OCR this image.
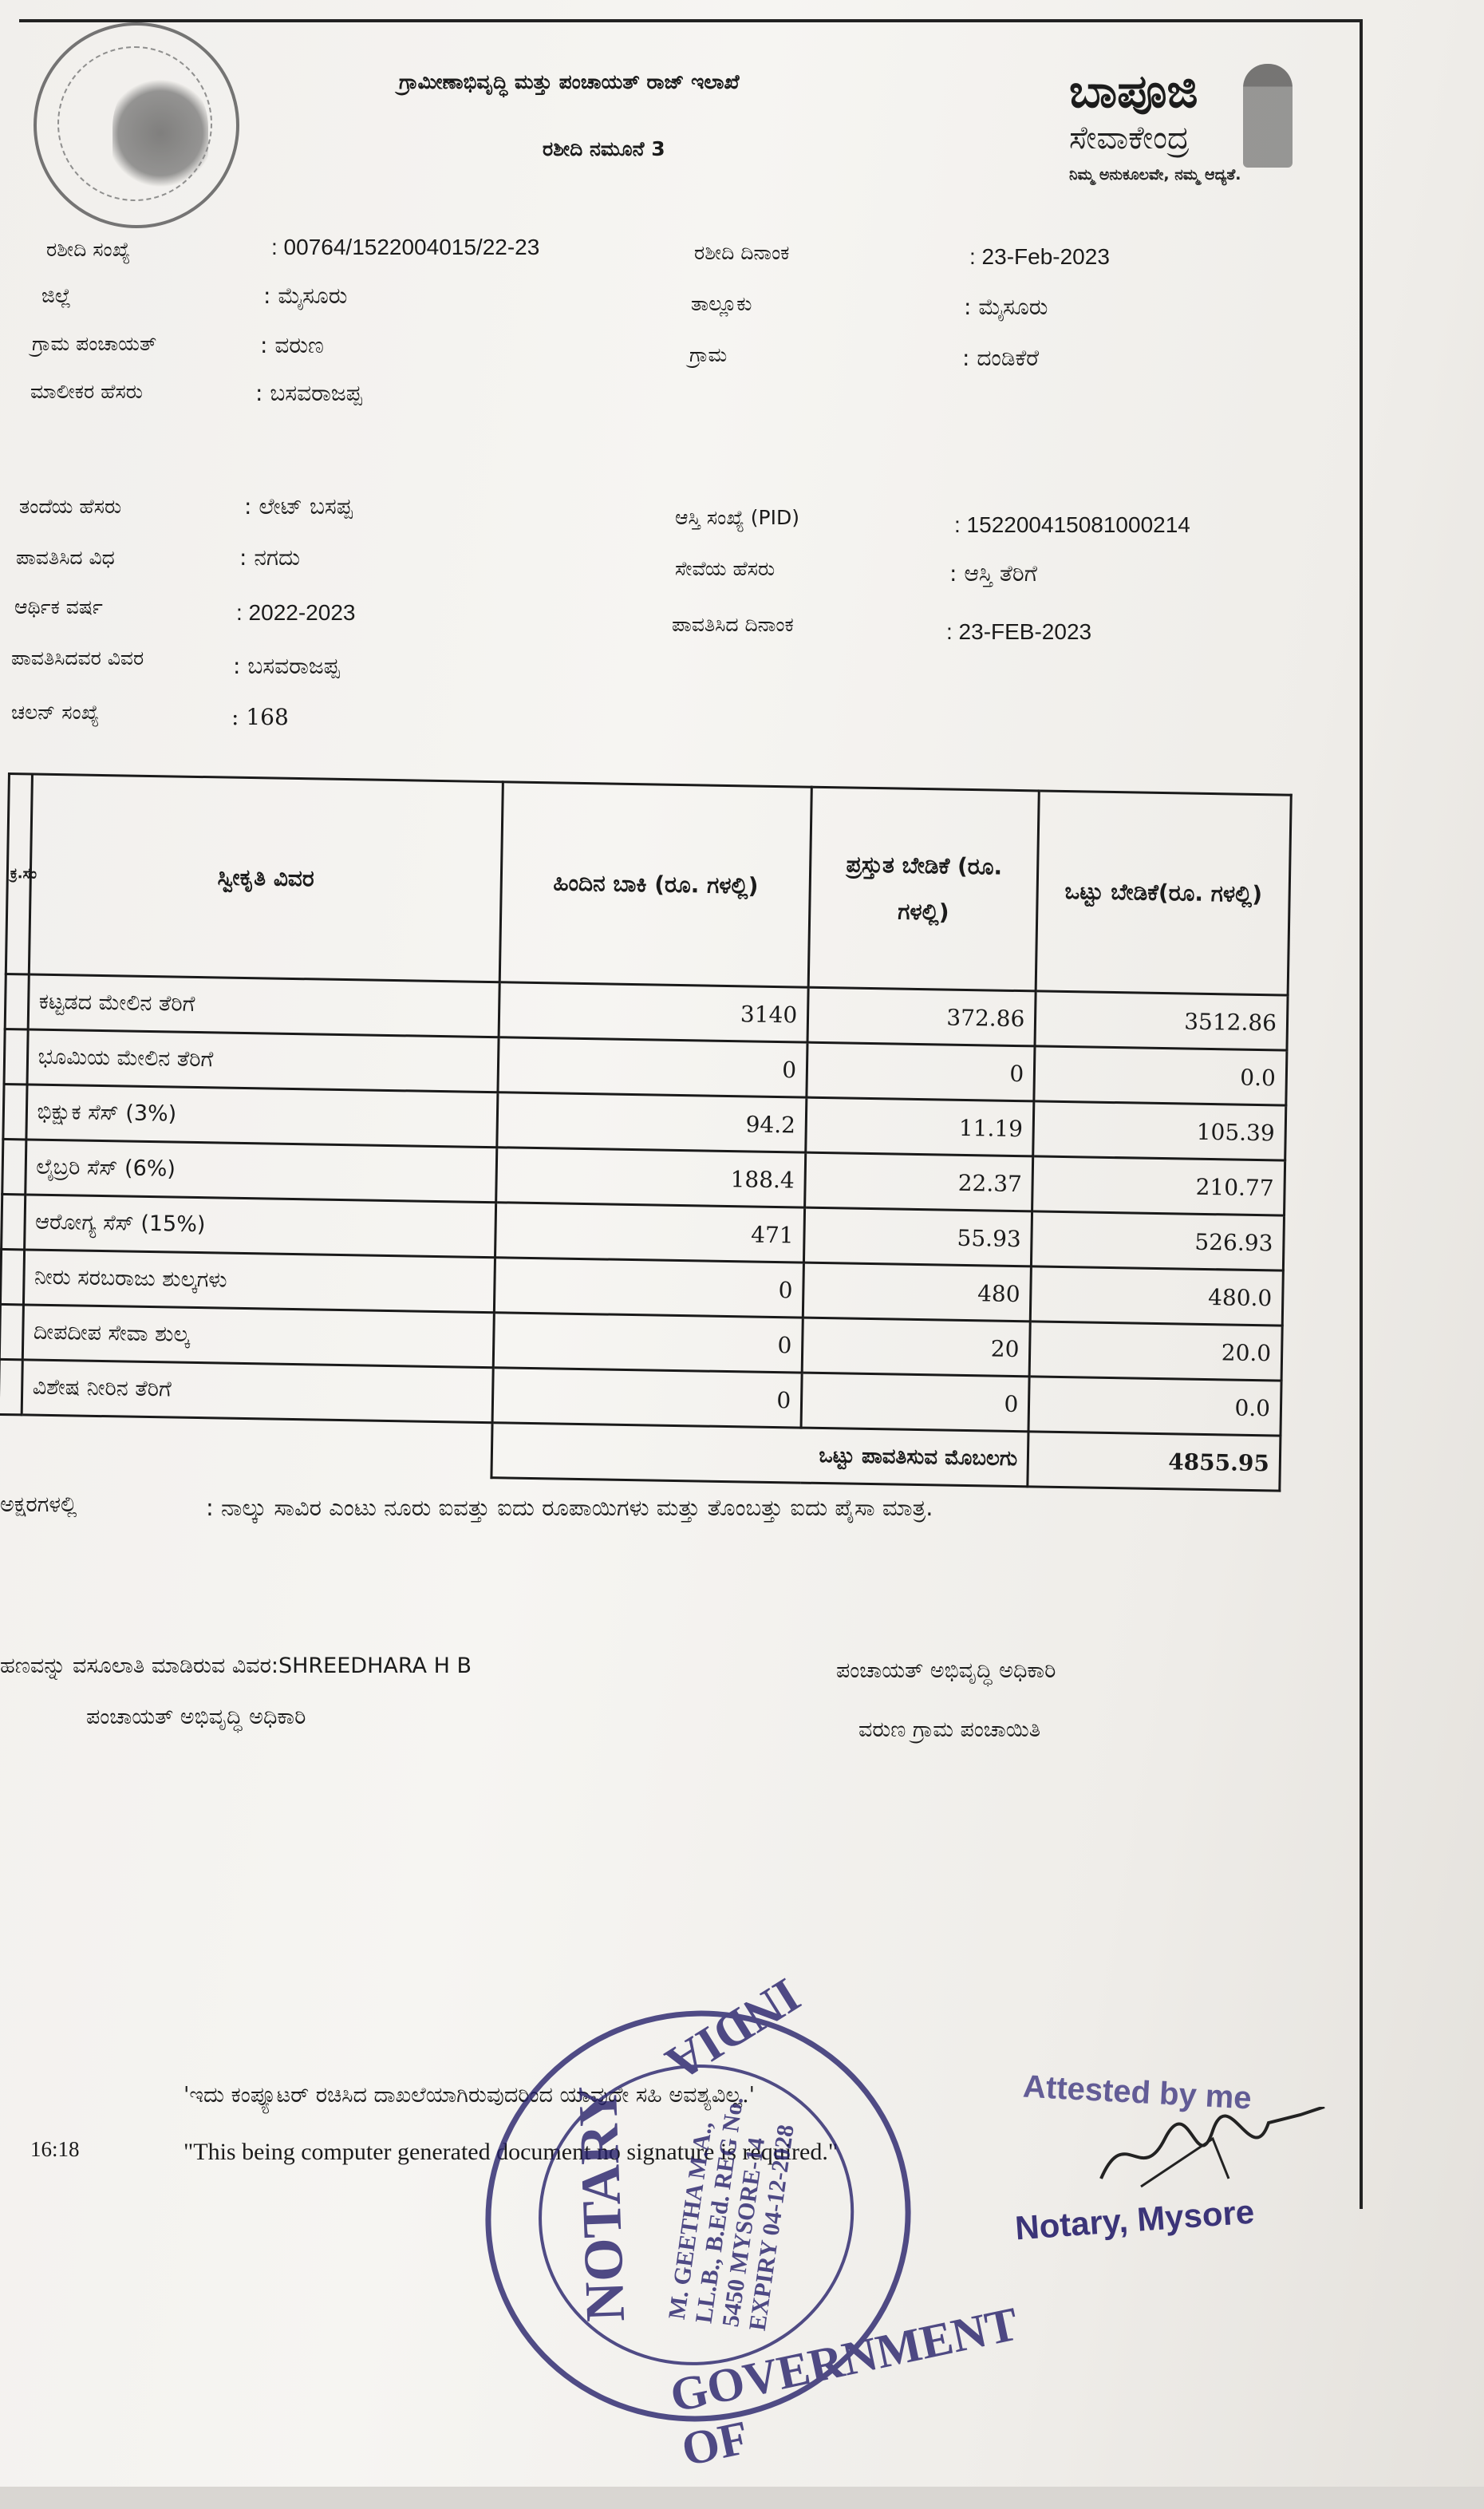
ಗ್ರಾಮೀಣಾಭಿವೃದ್ಧಿ ಮತ್ತು ಪಂಚಾಯತ್ ರಾಜ್ ಇಲಾಖೆ
ರಶೀದಿ ನಮೂನೆ 3
ಬಾಪೂಜಿ
ಸೇವಾಕೇಂದ್ರ
ನಿಮ್ಮ ಅನುಕೂಲವೇ, ನಮ್ಮ ಆದ್ಯತೆ.
ರಶೀದಿ ಸಂಖ್ಯೆ	: 00764/1522004015/22-23	ರಶೀದಿ ದಿನಾಂಕ	: 23-Feb-2023
ಜಿಲ್ಲೆ	: ಮೈಸೂರು	ತಾಲ್ಲೂಕು	: ಮೈಸೂರು
ಗ್ರಾಮ ಪಂಚಾಯತ್	: ವರುಣ	ಗ್ರಾಮ	: ದಂಡಿಕೆರೆ
ಮಾಲೀಕರ ಹೆಸರು	: ಬಸವರಾಜಪ್ಪ
ತಂದೆಯ ಹೆಸರು	: ಲೇಟ್ ಬಸಪ್ಪ	ಆಸ್ತಿ ಸಂಖ್ಯೆ (PID)	: 152200415081000214
ಪಾವತಿಸಿದ ವಿಧ	: ನಗದು	ಸೇವೆಯ ಹೆಸರು	: ಆಸ್ತಿ ತೆರಿಗೆ
ಆರ್ಥಿಕ ವರ್ಷ	: 2022-2023	ಪಾವತಿಸಿದ ದಿನಾಂಕ	: 23-FEB-2023
ಪಾವತಿಸಿದವರ ವಿವರ	: ಬಸವರಾಜಪ್ಪ
ಚಲನ್ ಸಂಖ್ಯೆ	: 168
ಕ್ರ.ಸಂ	ಸ್ವೀಕೃತಿ ವಿವರ	ಹಿಂದಿನ ಬಾಕಿ (ರೂ. ಗಳಲ್ಲಿ)	ಪ್ರಸ್ತುತ ಬೇಡಿಕೆ (ರೂ. ಗಳಲ್ಲಿ)	ಒಟ್ಟು ಬೇಡಿಕೆ(ರೂ. ಗಳಲ್ಲಿ)
	ಕಟ್ಟಡದ ಮೇಲಿನ ತೆರಿಗೆ	3140	372.86	3512.86
	ಭೂಮಿಯ ಮೇಲಿನ ತೆರಿಗೆ	0	0	0.0
	ಭಿಕ್ಷುಕ ಸೆಸ್ (3%)	94.2	11.19	105.39
	ಲೈಬ್ರರಿ ಸೆಸ್ (6%)	188.4	22.37	210.77
	ಆರೋಗ್ಯ ಸೆಸ್ (15%)	471	55.93	526.93
	ನೀರು ಸರಬರಾಜು ಶುಲ್ಕಗಳು	0	480	480.0
	ದೀಪದೀಪ ಸೇವಾ ಶುಲ್ಕ	0	20	20.0
	ವಿಶೇಷ ನೀರಿನ ತೆರಿಗೆ	0	0	0.0
		ಒಟ್ಟು ಪಾವತಿಸುವ ಮೊಬಲಗು		4855.95
ಅಕ್ಷರಗಳಲ್ಲಿ	: ನಾಲ್ಕು ಸಾವಿರ ಎಂಟು ನೂರು ಐವತ್ತು ಐದು ರೂಪಾಯಿಗಳು ಮತ್ತು ತೊಂಬತ್ತು ಐದು ಪೈಸಾ ಮಾತ್ರ.
ಹಣವನ್ನು ವಸೂಲಾತಿ ಮಾಡಿರುವ ವಿವರ:SHREEDHARA H B
ಪಂಚಾಯತ್ ಅಭಿವೃದ್ಧಿ ಅಧಿಕಾರಿ
ಪಂಚಾಯತ್ ಅಭಿವೃದ್ಧಿ ಅಧಿಕಾರಿ
ವರುಣ ಗ್ರಾಮ ಪಂಚಾಯಿತಿ
'ಇದು ಕಂಪ್ಯೂಟರ್ ರಚಿಸಿದ ದಾಖಲೆಯಾಗಿರುವುದರಿಂದ ಯಾವುದೇ ಸಹಿ ಅವಶ್ಯವಿಲ್ಲ.'
"This being computer generated document no signature is required."
16:18
INDIA
NOTARY
GOVERNMENT OF
M. GEETHA M.A., LL.B., B.Ed. REG No. 5450 MYSORE-14 EXPIRY 04-12-2028
Attested by me
Notary, Mysore
